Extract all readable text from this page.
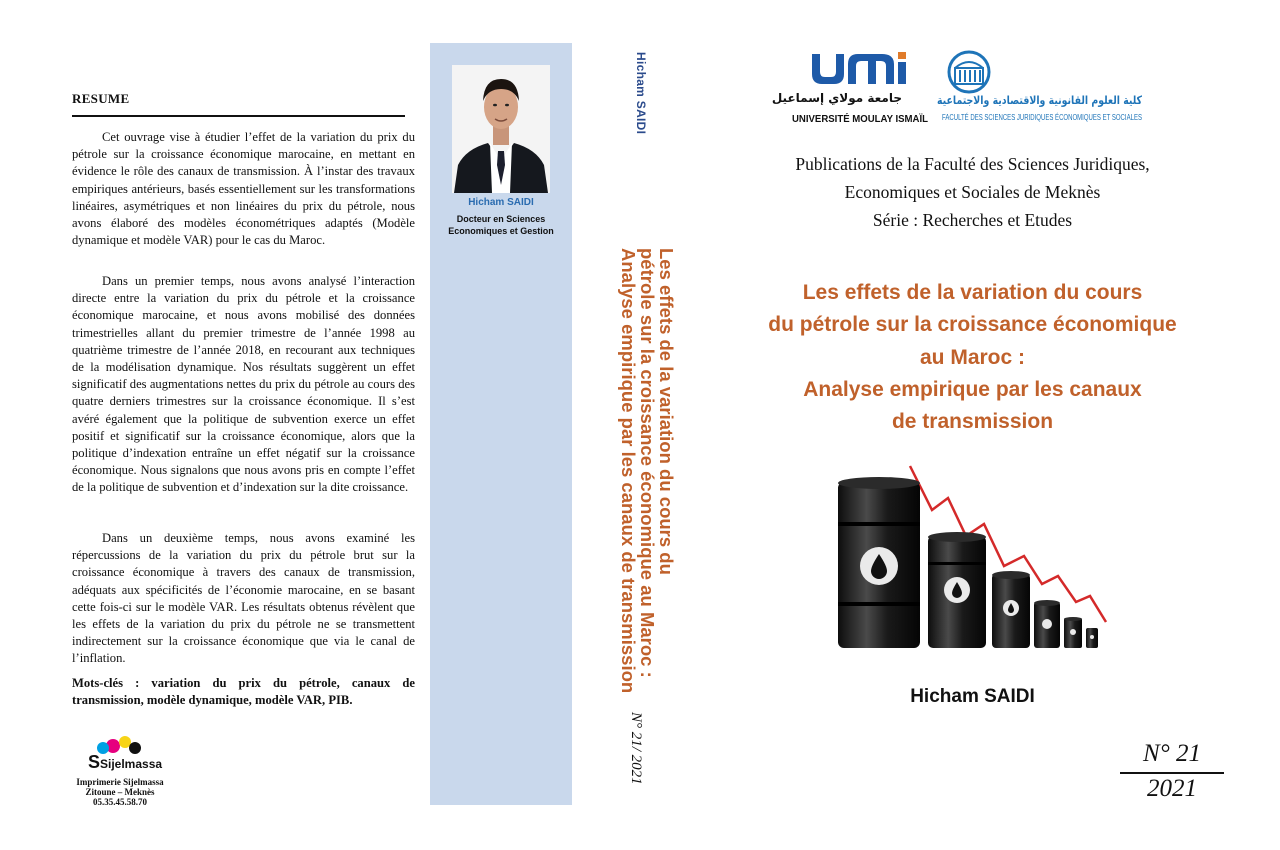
RESUME

Cet ouvrage vise à étudier l’effet de la variation du prix du pétrole sur la croissance économique marocaine, en mettant en évidence le rôle des canaux de transmission. À l’instar des travaux empiriques antérieurs, basés essentiellement sur les transformations linéaires, asymétriques et non linéaires du prix du pétrole, nous avons élaboré des modèles économétriques adaptés (Modèle dynamique et modèle VAR) pour le cas du Maroc.

Dans un premier temps, nous avons analysé l’interaction directe entre la variation du prix du pétrole et la croissance économique marocaine, et nous avons mobilisé des données trimestrielles allant du premier trimestre de l’année 1998 au quatrième trimestre de l’année 2018, en recourant aux techniques de la modélisation dynamique. Nos résultats suggèrent un effet significatif des augmentations nettes du prix du pétrole au cours des quatre derniers trimestres sur la croissance économique. Il s’est avéré également que la politique de subvention exerce un effet positif et significatif sur la croissance économique, alors que la politique d’indexation entraîne un effet négatif sur la croissance économique. Nous signalons que nous avons pris en compte l’effet de la politique de subvention et d’indexation sur la dite croissance.

Dans un deuxième temps, nous avons examiné les répercussions de la variation du prix du pétrole brut sur la croissance économique à travers des canaux de transmission, adéquats aux spécificités de l’économie marocaine, en se basant cette fois-ci sur le modèle VAR. Les résultats obtenus révèlent que les effets de la variation du prix du pétrole ne se transmettent indirectement sur la croissance économique que via le canal de l’inflation.

Mots-clés : variation du prix du pétrole, canaux de transmission, modèle dynamique, modèle VAR, PIB.

S Sijelmassa
Imprimerie Sijelmassa
Zitoune – Meknès
05.35.45.58.70
Hicham SAIDI
Docteur en Sciences
Economiques et Gestion
Hicham SAIDI
Les effets de la variation du cours du
pétrole sur la croissance économique au Maroc :
Analyse empirique par les canaux de transmission
N° 21/ 2021
جامعة مولاي إسماعيل
UNIVERSITÉ MOULAY ISMAÏL
كلية العلوم القانونية والاقتصادية والاجتماعية
FACULTÉ DES SCIENCES JURIDIQUES ÉCONOMIQUES ET SOCIALES
Publications de la Faculté des Sciences Juridiques,
Economiques et Sociales de Meknès
Série : Recherches et Etudes
Les effets de la variation du cours
du pétrole sur la croissance économique
au Maroc :
Analyse empirique par les canaux
de transmission
Hicham SAIDI
N° 21
2021
